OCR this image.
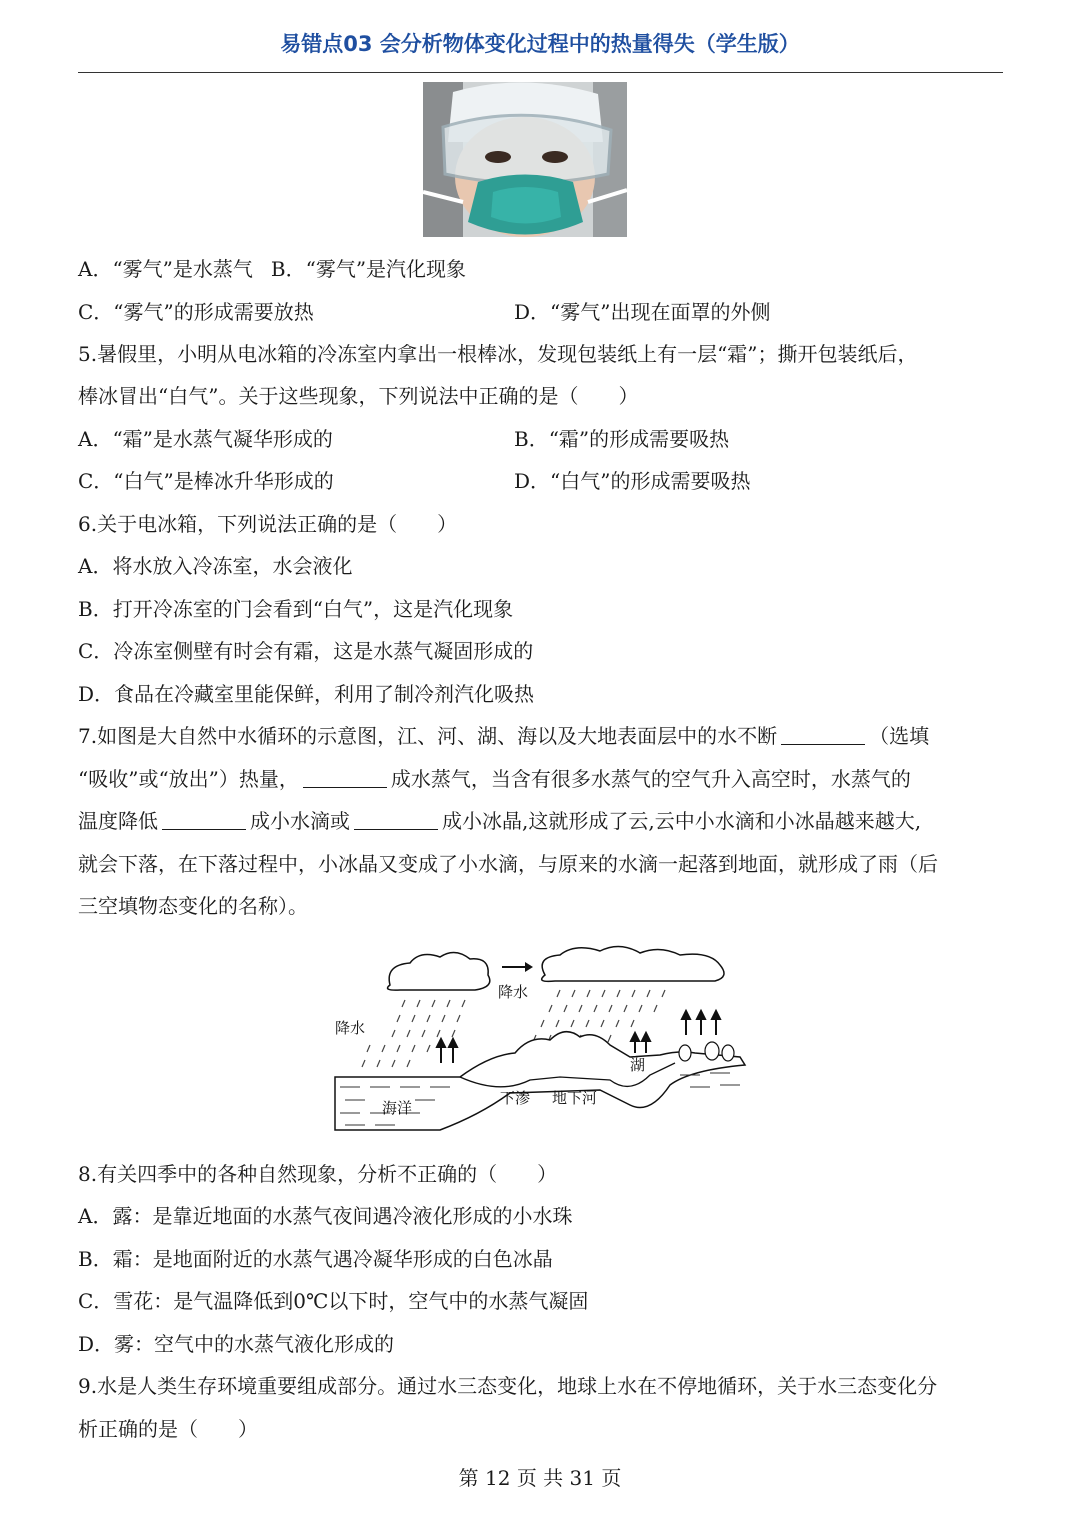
易错点03 会分析物体变化过程中的热量得失（学生版）
A．“雾气”是水蒸气 B．“雾气”是汽化现象
C．“雾气”的形成需要放热	D．“雾气”出现在面罩的外侧
5.暑假里，小明从电冰箱的冷冻室内拿出一根棒冰，发现包装纸上有一层“霜”；撕开包装纸后，
棒冰冒出“白气”。关于这些现象，下列说法中正确的是（　　）
A．“霜”是水蒸气凝华形成的	B．“霜”的形成需要吸热
C．“白气”是棒冰升华形成的	D．“白气”的形成需要吸热
6.关于电冰箱，下列说法正确的是（　　）
A．将水放入冷冻室，水会液化
B．打开冷冻室的门会看到“白气”，这是汽化现象
C．冷冻室侧壁有时会有霜，这是水蒸气凝固形成的
D．食品在冷藏室里能保鲜，利用了制冷剂汽化吸热
7.如图是大自然中水循环的示意图，江、河、湖、海以及大地表面层中的水不断	（选填
“吸收”或“放出”）热量，	成水蒸气，当含有很多水蒸气的空气升入高空时，水蒸气的
温度降低	成小水滴或	成小冰晶,这就形成了云,云中小水滴和小冰晶越来越大,
就会下落，在下落过程中，小冰晶又变成了小水滴，与原来的水滴一起落到地面，就形成了雨（后
三空填物态变化的名称）。
降水
降水
海洋
下渗 地下河
湖
8.有关四季中的各种自然现象，分析不正确的（　　）
A．露：是靠近地面的水蒸气夜间遇冷液化形成的小水珠
B．霜：是地面附近的水蒸气遇冷凝华形成的白色冰晶
C．雪花：是气温降低到0℃以下时，空气中的水蒸气凝固
D．雾：空气中的水蒸气液化形成的
9.水是人类生存环境重要组成部分。通过水三态变化，地球上水在不停地循环，关于水三态变化分
析正确的是（　　）
第 12 页 共 31 页
